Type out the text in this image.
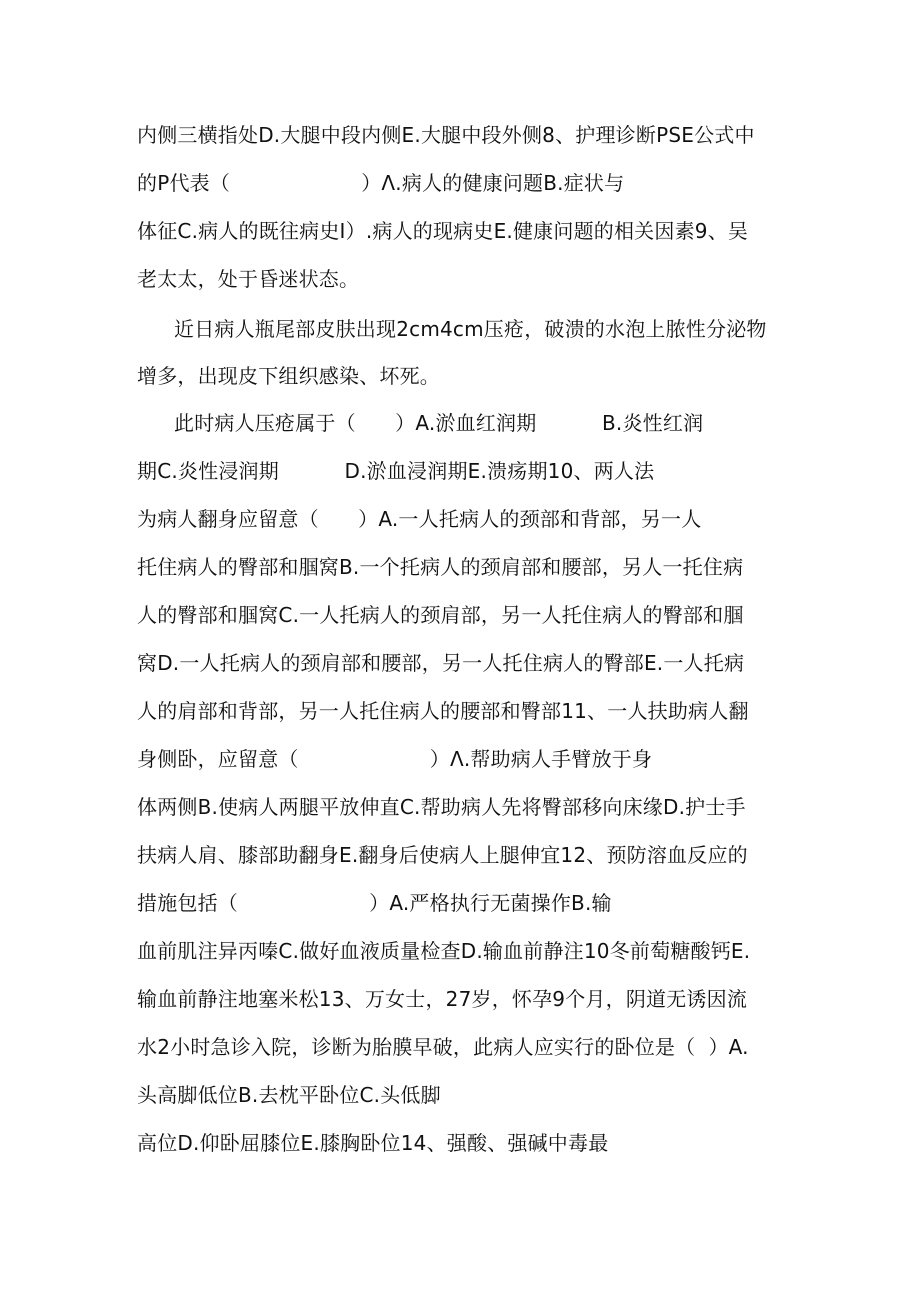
内侧三横指处D.大腿中段内侧E.大腿中段外侧8、护理诊断PSE公式中
的P代表（                    ）Λ.病人的健康问题B.症状与
体征C.病人的既往病史I）.病人的现病史E.健康问题的相关因素9、吴
老太太，处于昏迷状态。
近日病人瓶尾部皮肤出现2cm4cm压疮，破溃的水泡上脓性分泌物
增多，出现皮下组织感染、坏死。
此时病人压疮属于（      ）A.淤血红润期          B.炎性红润
期C.炎性浸润期          D.淤血浸润期E.溃疡期10、两人法
为病人翻身应留意（      ）A.一人托病人的颈部和背部，另一人
托住病人的臀部和腘窝B.一个托病人的颈肩部和腰部，另人一托住病
人的臀部和腘窝C.一人托病人的颈肩部，另一人托住病人的臀部和腘
窝D.一人托病人的颈肩部和腰部，另一人托住病人的臀部E.一人托病
人的肩部和背部，另一人托住病人的腰部和臀部11、一人扶助病人翻
身侧卧，应留意（                    ）Λ.帮助病人手臂放于身
体两侧B.使病人两腿平放伸直C.帮助病人先将臀部移向床缘D.护士手
扶病人肩、膝部助翻身E.翻身后使病人上腿伸宜12、预防溶血反应的
措施包括（                    ）A.严格执行无菌操作B.输
血前肌注异丙嗪C.做好血液质量检查D.输血前静注10冬前萄糖酸钙E.
输血前静注地塞米松13、万女士，27岁，怀孕9个月，阴道无诱因流
水2小时急诊入院，诊断为胎膜早破，此病人应实行的卧位是（  ）A.
头高脚低位B.去枕平卧位C.头低脚
高位D.仰卧屈膝位E.膝胸卧位14、强酸、强碱中毒最
